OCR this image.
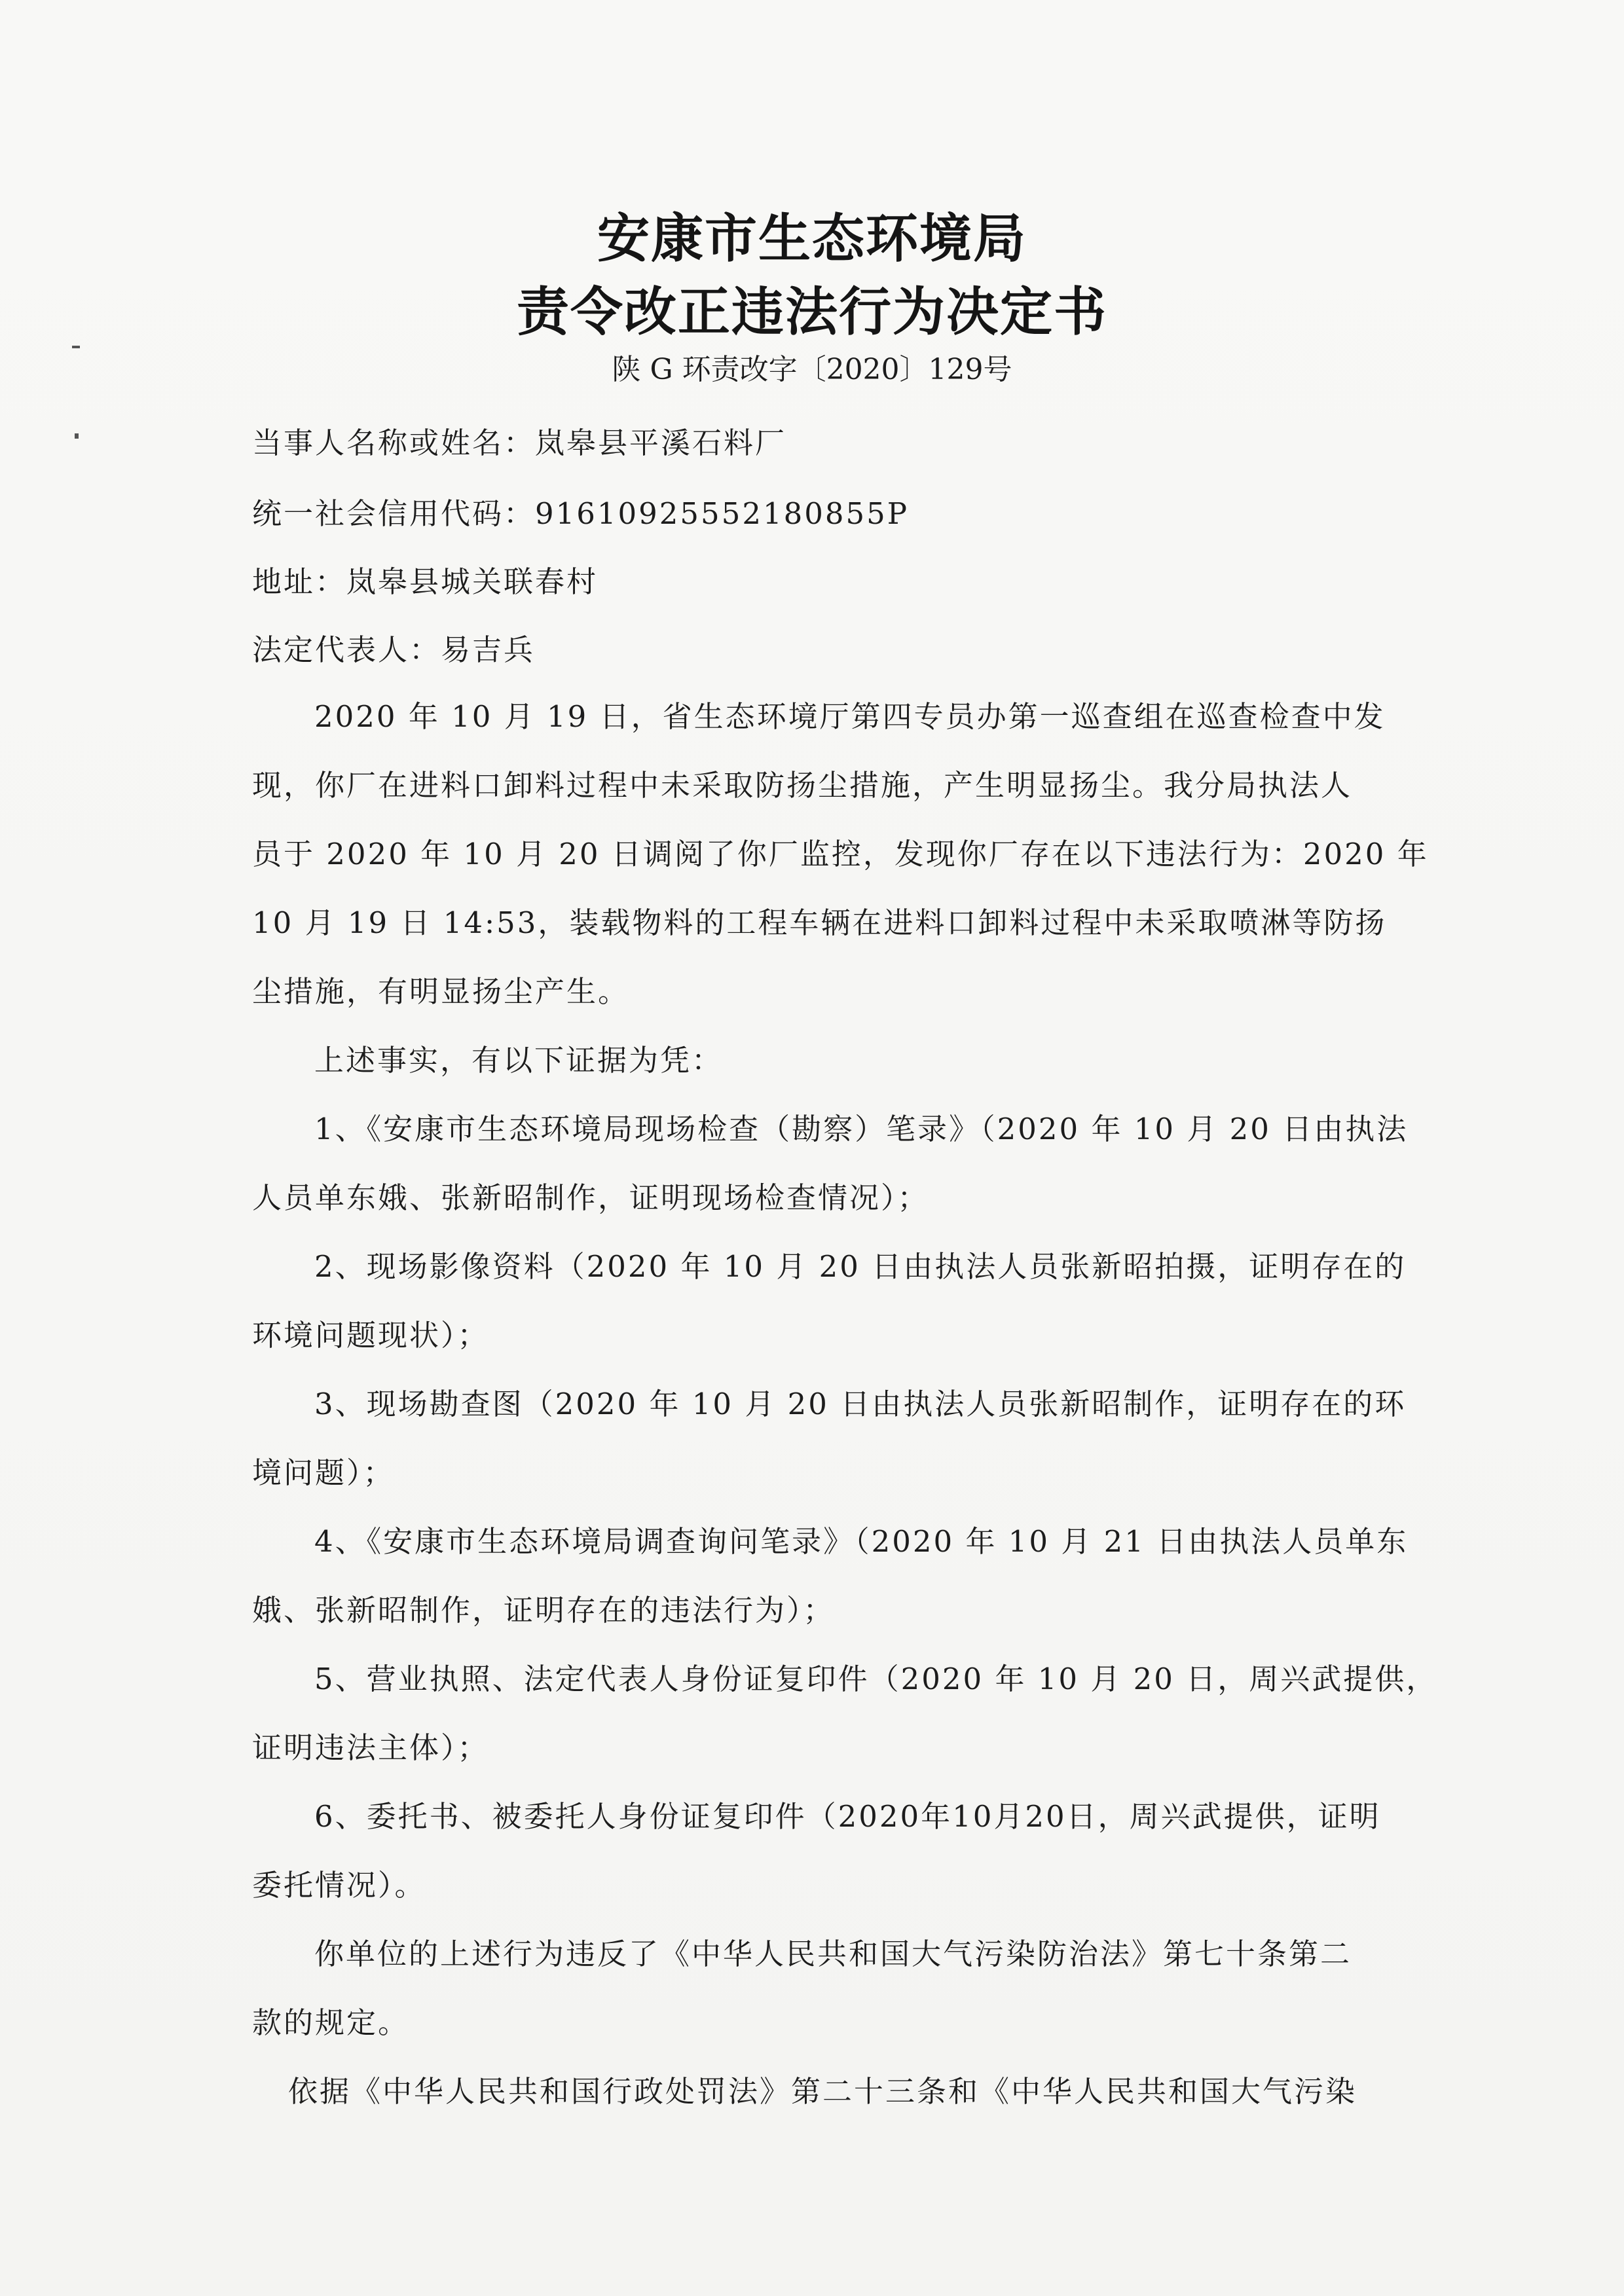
安康市生态环境局
责令改正违法行为决定书
陕 G 环责改字〔2020〕129号
当事人名称或姓名：岚皋县平溪石料厂
统一社会信用代码：91610925552180855P
地址：岚皋县城关联春村
法定代表人：易吉兵
2020 年 10 月 19 日，省生态环境厅第四专员办第一巡查组在巡查检查中发
现，你厂在进料口卸料过程中未采取防扬尘措施，产生明显扬尘。我分局执法人
员于 2020 年 10 月 20 日调阅了你厂监控，发现你厂存在以下违法行为：2020 年
10 月 19 日 14:53，装载物料的工程车辆在进料口卸料过程中未采取喷淋等防扬
尘措施，有明显扬尘产生。
上述事实，有以下证据为凭：
1、《安康市生态环境局现场检查（勘察）笔录》（2020 年 10 月 20 日由执法
人员单东娥、张新昭制作，证明现场检查情况）；
2、现场影像资料（2020 年 10 月 20 日由执法人员张新昭拍摄，证明存在的
环境问题现状）；
3、现场勘查图（2020 年 10 月 20 日由执法人员张新昭制作，证明存在的环
境问题）；
4、《安康市生态环境局调查询问笔录》（2020 年 10 月 21 日由执法人员单东
娥、张新昭制作，证明存在的违法行为）；
5、营业执照、法定代表人身份证复印件（2020 年 10 月 20 日，周兴武提供，
证明违法主体）；
6、委托书、被委托人身份证复印件（2020年10月20日，周兴武提供，证明
委托情况）。
你单位的上述行为违反了《中华人民共和国大气污染防治法》第七十条第二
款的规定。
依据《中华人民共和国行政处罚法》第二十三条和《中华人民共和国大气污染
